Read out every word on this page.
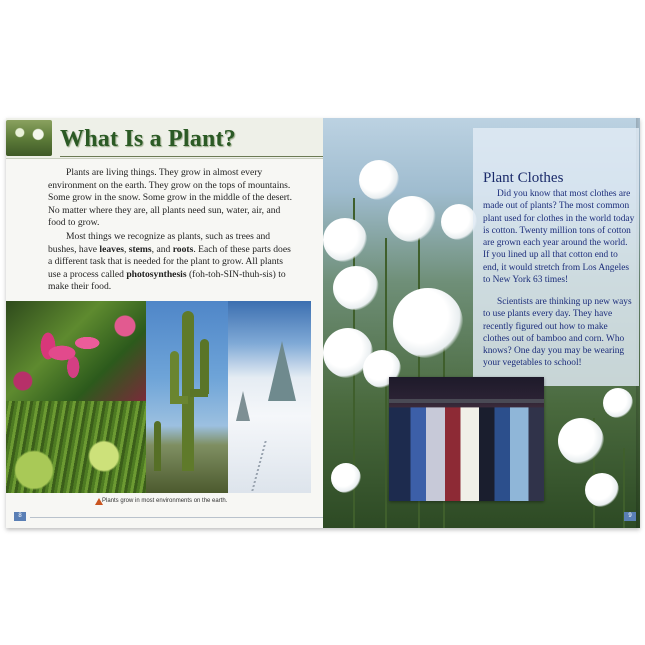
What Is a Plant?

Plants are living things. They grow in almost every environment on the earth. They grow on the tops of mountains. Some grow in the snow. Some grow in the middle of the desert. No matter where they are, all plants need sun, water, air, and food to grow.

Most things we recognize as plants, such as trees and bushes, have leaves, stems, and roots. Each of these parts does a different task that is needed for the plant to grow. All plants use a process called photosynthesis (foh-toh-SIN-thuh-sis) to make their food.

Plants grow in most environments on the earth.

8
Plant Clothes

Did you know that most clothes are made out of plants? The most common plant used for clothes in the world today is cotton. Twenty million tons of cotton are grown each year around the world. If you lined up all that cotton end to end, it would stretch from Los Angeles to New York 63 times!

Scientists are thinking up new ways to use plants every day. They have recently figured out how to make clothes out of bamboo and corn. Who knows? One day you may be wearing your vegetables to school!

9
